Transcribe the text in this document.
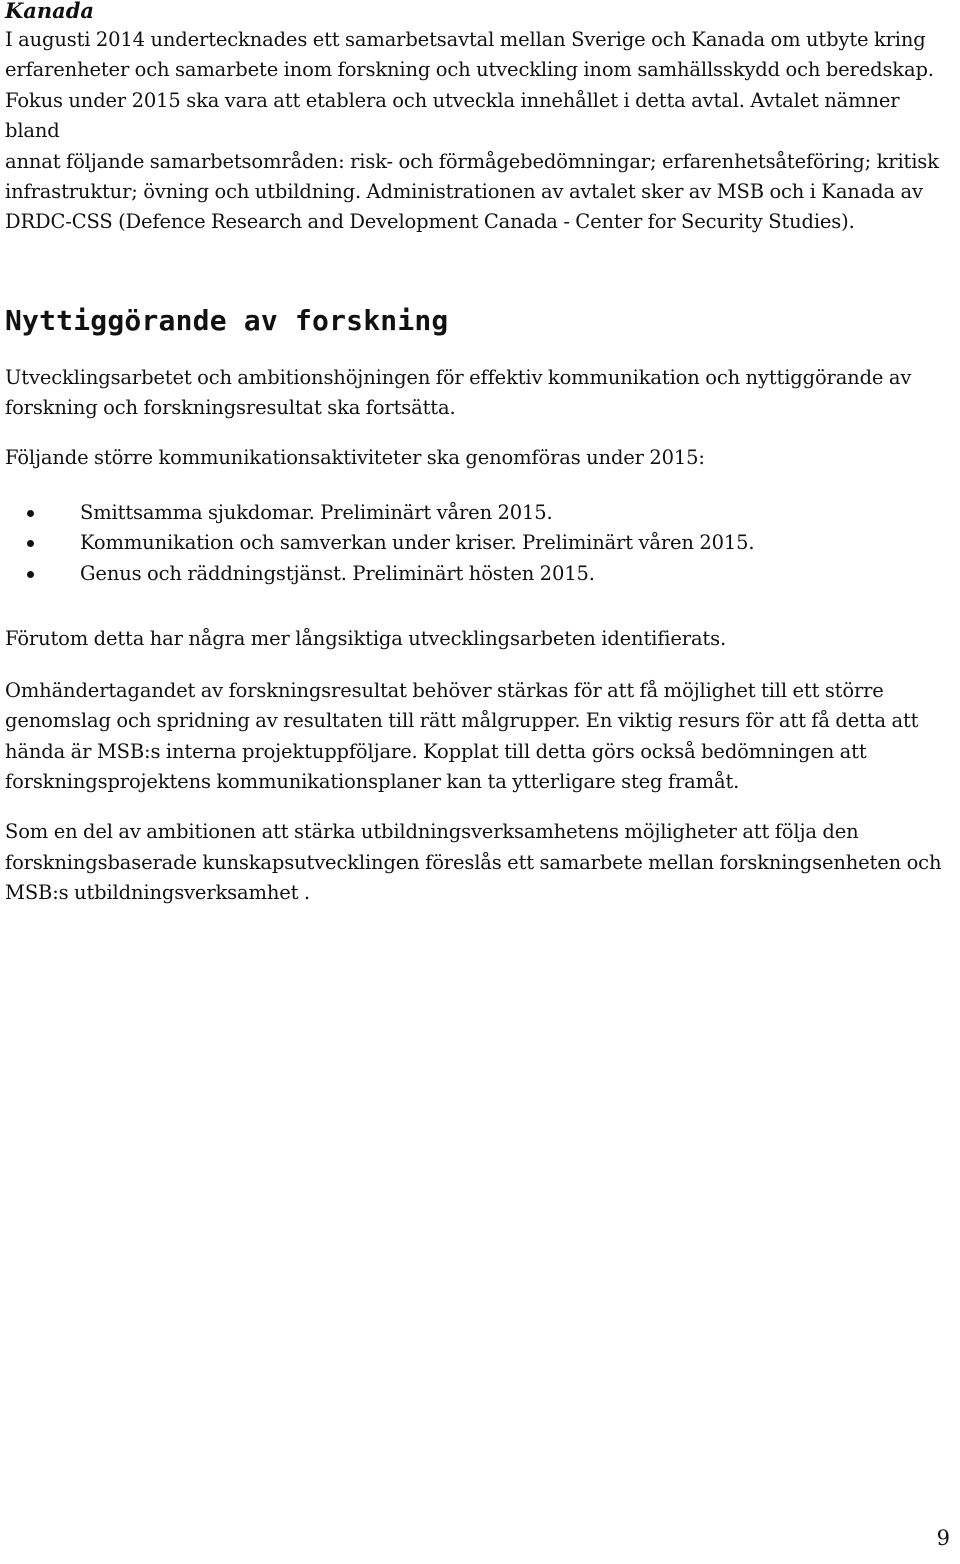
Kanada
I augusti 2014 undertecknades ett samarbetsavtal mellan Sverige och Kanada om utbyte kring
erfarenheter och samarbete inom forskning och utveckling inom samhällsskydd och beredskap.
Fokus under 2015 ska vara att etablera och utveckla innehållet i detta avtal. Avtalet nämner bland
annat följande samarbetsområden: risk- och förmågebedömningar; erfarenhetsåteföring; kritisk
infrastruktur; övning och utbildning. Administrationen av avtalet sker av MSB och i Kanada av
DRDC-CSS (Defence Research and Development Canada - Center for Security Studies).
Nyttiggörande av forskning
Utvecklingsarbetet och ambitionshöjningen för effektiv kommunikation och nyttiggörande av
forskning och forskningsresultat ska fortsätta.

Följande större kommunikationsaktiviteter ska genomföras under 2015:

Smittsamma sjukdomar. Preliminärt våren 2015.
Kommunikation och samverkan under kriser. Preliminärt våren 2015.
Genus och räddningstjänst. Preliminärt hösten 2015.

Förutom detta har några mer långsiktiga utvecklingsarbeten identifierats.

Omhändertagandet av forskningsresultat behöver stärkas för att få möjlighet till ett större
genomslag och spridning av resultaten till rätt målgrupper. En viktig resurs för att få detta att
hända är MSB:s interna projektuppföljare. Kopplat till detta görs också bedömningen att
forskningsprojektens kommunikationsplaner kan ta ytterligare steg framåt.
Som en del av ambitionen att stärka utbildningsverksamhetens möjligheter att följa den
forskningsbaserade kunskapsutvecklingen föreslås ett samarbete mellan forskningsenheten och
MSB:s utbildningsverksamhet .
9
